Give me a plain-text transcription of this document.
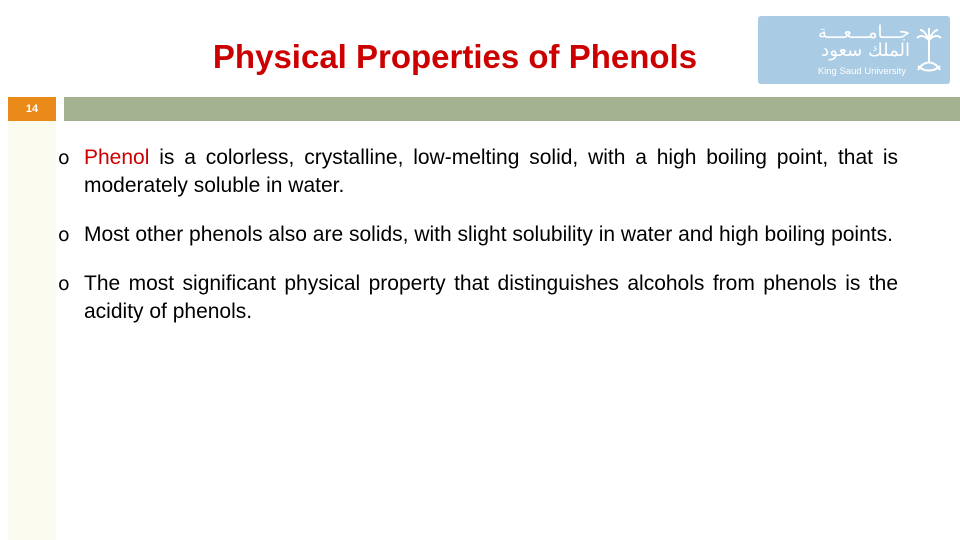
Physical Properties of Phenols
جـــامـــعـــة
الملك سعود
King Saud University
14
o Phenol is a colorless, crystalline, low-melting solid, with a high boiling point, that is moderately soluble in water.
o Most other phenols also are solids, with slight solubility in water and high boiling points.
o The most significant physical property that distinguishes alcohols from phenols is the acidity of phenols.
